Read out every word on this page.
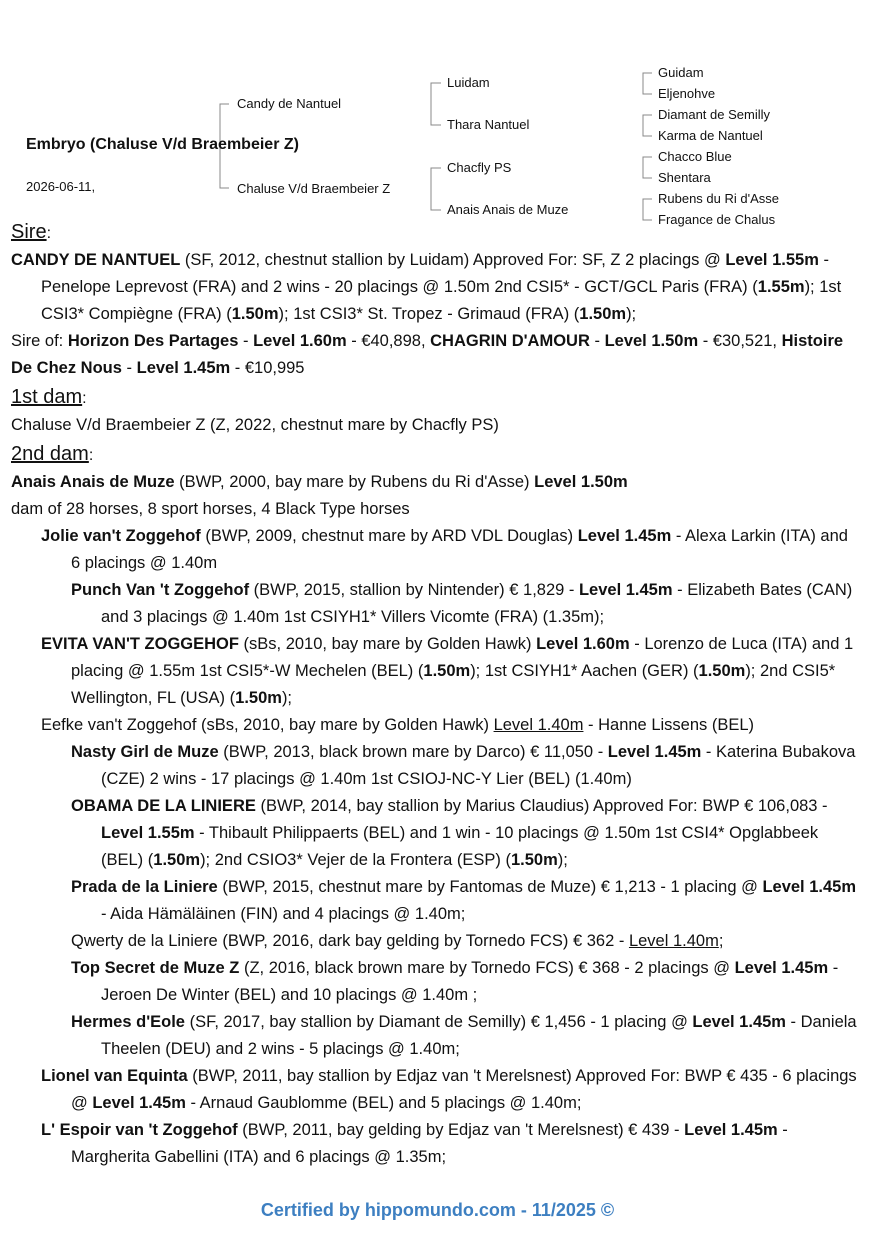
Embryo (Chaluse V/d Braembeier Z)
2026-06-11,
Candy de Nantuel
Chaluse V/d Braembeier Z
Luidam
Thara Nantuel
Chacfly PS
Anais Anais de Muze
Guidam
Eljenohve
Diamant de Semilly
Karma de Nantuel
Chacco Blue
Shentara
Rubens du Ri d'Asse
Fragance de Chalus
Sire:
CANDY DE NANTUEL (SF, 2012, chestnut stallion by Luidam) Approved For: SF, Z 2 placings @ Level 1.55m - Penelope Leprevost (FRA) and 2 wins - 20 placings @ 1.50m 2nd CSI5* - GCT/GCL Paris (FRA) (1.55m); 1st CSI3* Compiègne (FRA) (1.50m); 1st CSI3* St. Tropez - Grimaud (FRA) (1.50m);
Sire of: Horizon Des Partages - Level 1.60m - €40,898, CHAGRIN D'AMOUR - Level 1.50m - €30,521, Histoire De Chez Nous - Level 1.45m - €10,995
1st dam:
Chaluse V/d Braembeier Z (Z, 2022, chestnut mare by Chacfly PS)
2nd dam:
Anais Anais de Muze (BWP, 2000, bay mare by Rubens du Ri d'Asse) Level 1.50m
dam of 28 horses, 8 sport horses, 4 Black Type horses
Jolie van't Zoggehof (BWP, 2009, chestnut mare by ARD VDL Douglas) Level 1.45m - Alexa Larkin (ITA) and 6 placings @ 1.40m
Punch Van 't Zoggehof (BWP, 2015, stallion by Nintender) € 1,829 - Level 1.45m - Elizabeth Bates (CAN) and 3 placings @ 1.40m 1st CSIYH1* Villers Vicomte (FRA) (1.35m);
EVITA VAN'T ZOGGEHOF (sBs, 2010, bay mare by Golden Hawk) Level 1.60m - Lorenzo de Luca (ITA) and 1 placing @ 1.55m 1st CSI5*-W Mechelen (BEL) (1.50m); 1st CSIYH1* Aachen (GER) (1.50m); 2nd CSI5* Wellington, FL (USA) (1.50m);
Eefke van't Zoggehof (sBs, 2010, bay mare by Golden Hawk) Level 1.40m - Hanne Lissens (BEL)
Nasty Girl de Muze (BWP, 2013, black brown mare by Darco) € 11,050 - Level 1.45m - Katerina Bubakova (CZE) 2 wins - 17 placings @ 1.40m 1st CSIOJ-NC-Y Lier (BEL) (1.40m)
OBAMA DE LA LINIERE (BWP, 2014, bay stallion by Marius Claudius) Approved For: BWP € 106,083 - Level 1.55m - Thibault Philippaerts (BEL) and 1 win - 10 placings @ 1.50m 1st CSI4* Opglabbeek (BEL) (1.50m); 2nd CSIO3* Vejer de la Frontera (ESP) (1.50m);
Prada de la Liniere (BWP, 2015, chestnut mare by Fantomas de Muze) € 1,213 - 1 placing @ Level 1.45m - Aida Hämäläinen (FIN) and 4 placings @ 1.40m;
Qwerty de la Liniere (BWP, 2016, dark bay gelding by Tornedo FCS) € 362 - Level 1.40m;
Top Secret de Muze Z (Z, 2016, black brown mare by Tornedo FCS) € 368 - 2 placings @ Level 1.45m - Jeroen De Winter (BEL) and 10 placings @ 1.40m ;
Hermes d'Eole (SF, 2017, bay stallion by Diamant de Semilly) € 1,456 - 1 placing @ Level 1.45m - Daniela Theelen (DEU) and 2 wins - 5 placings @ 1.40m;
Lionel van Equinta (BWP, 2011, bay stallion by Edjaz van 't Merelsnest) Approved For: BWP € 435 - 6 placings @ Level 1.45m - Arnaud Gaublomme (BEL) and 5 placings @ 1.40m;
L' Espoir van 't Zoggehof (BWP, 2011, bay gelding by Edjaz van 't Merelsnest) € 439 - Level 1.45m - Margherita Gabellini (ITA) and 6 placings @ 1.35m;
Certified by hippomundo.com - 11/2025 ©
